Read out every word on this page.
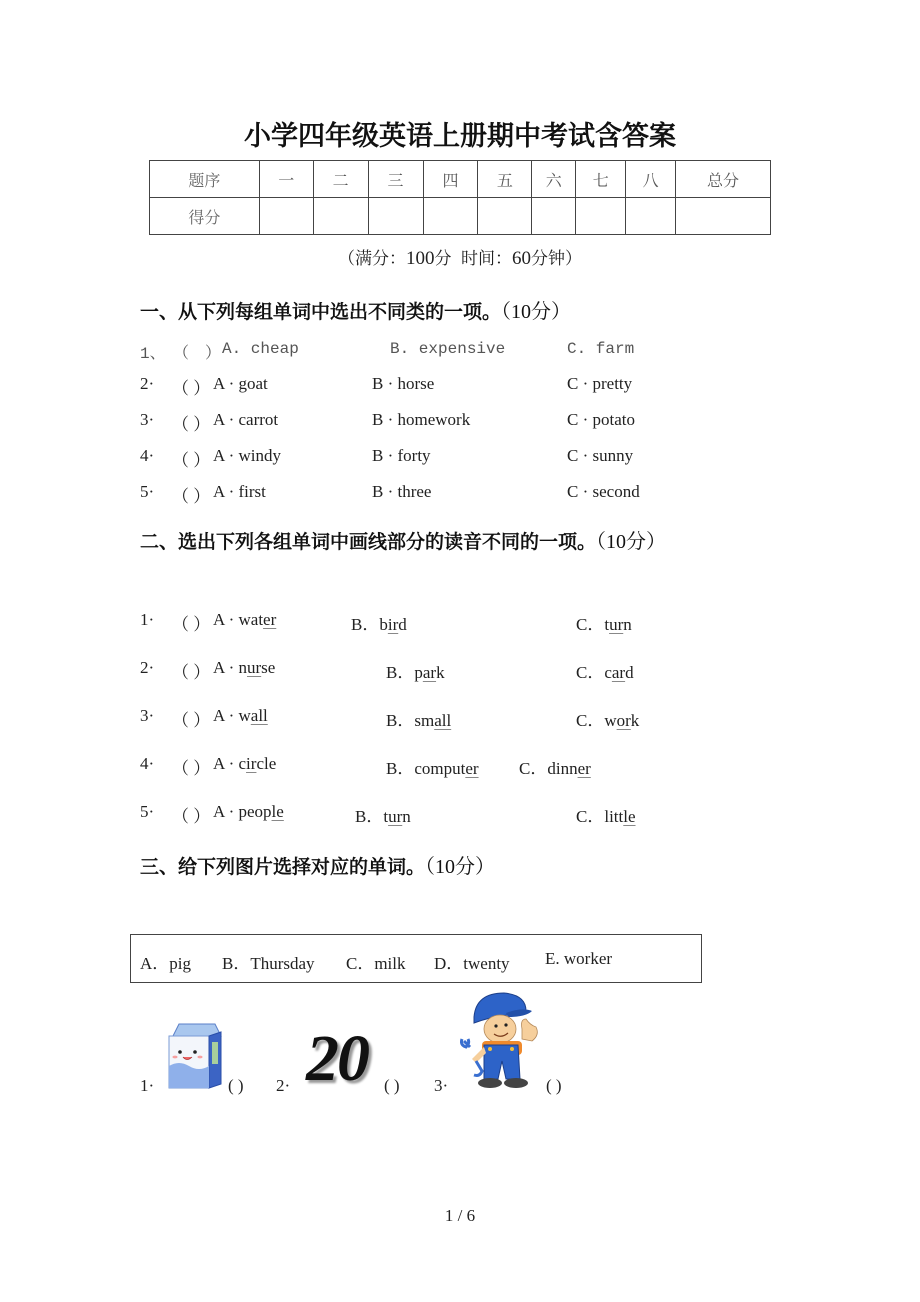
小学四年级英语上册期中考试含答案
题序	一	二	三	四	五	六	七	八	总分
得分									
（满分：100分 时间：60分钟）
一、从下列每组单词中选出不同类的一项。（10分）
1、 （　） A. cheap	B. expensive	C. farm
2· （ ） A · goat	B · horse	C · pretty
3· （ ） A · carrot	B · homework	C · potato
4· （ ） A · windy	B · forty	C · sunny
5· （ ） A · first	B · three	C · second
二、选出下列各组单词中画线部分的读音不同的一项。（10分）
1· （ ） A · water	B．bird	C．turn
2· （ ） A · nurse	B．park	C．card
3· （ ） A · wall	B．small	C．work
4· （ ） A · circle	B．computer C．dinner
5· （ ） A · people	B．turn	C．little
三、给下列图片选择对应的单词。（10分）
A．pig B．Thursday C．milk D．twenty E. worker
1·	( ) 2· 20 ( ) 3·	( )
1 / 6
